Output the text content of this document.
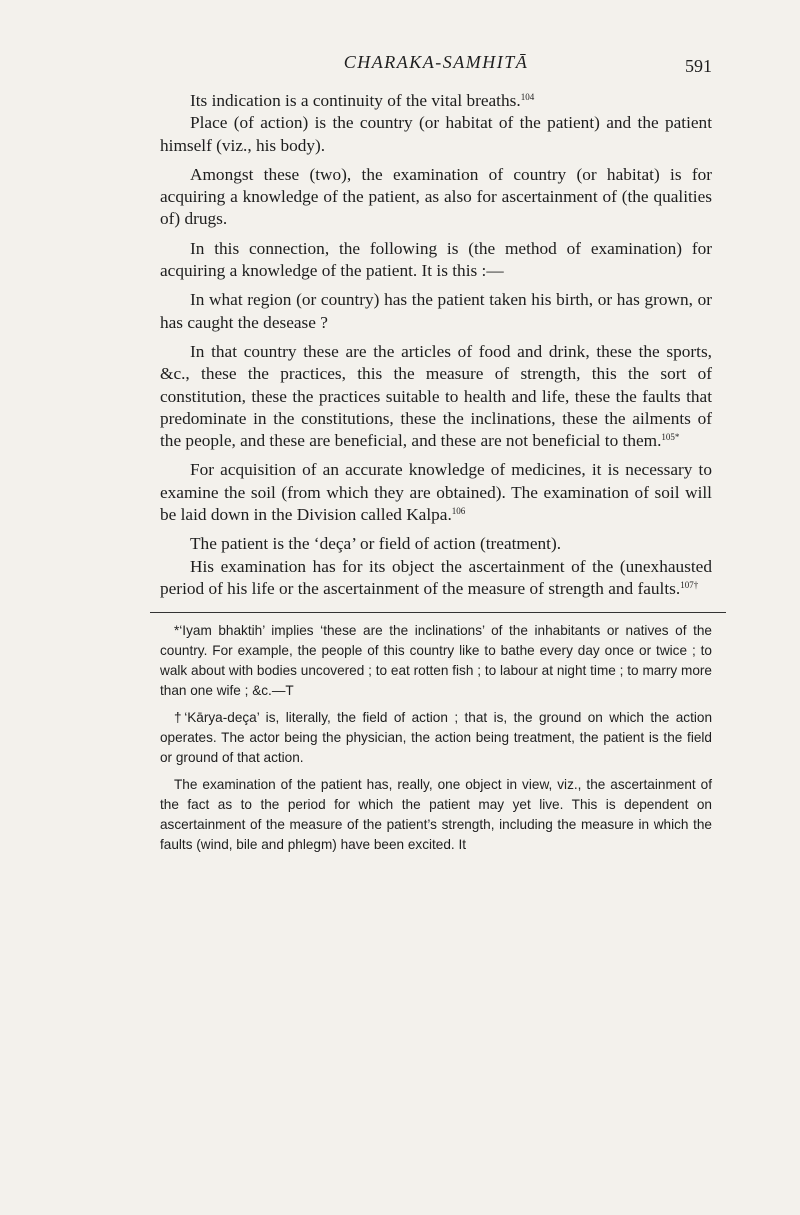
CHARAKA-SAMHITĀ	591

Its indication is a continuity of the vital breaths.$^{104}$

Place (of action) is the country (or habitat of the patient) and the patient himself (viz., his body).

Amongst these (two), the examination of country (or habitat) is for acquiring a knowledge of the patient, as also for ascertainment of (the qualities of) drugs.

In this connection, the following is (the method of examination) for acquiring a knowledge of the patient. It is this :—

In what region (or country) has the patient taken his birth, or has grown, or has caught the desease ?

In that country these are the articles of food and drink, these the sports, &c., these the practices, this the measure of strength, this the sort of constitution, these the practices suitable to health and life, these the faults that predominate in the constitutions, these the inclinations, these the ailments of the people, and these are beneficial, and these are not beneficial to them.$^{105*}$

For acquisition of an accurate knowledge of medicines, it is necessary to examine the soil (from which they are obtained). The examination of soil will be laid down in the Division called Kalpa.$^{106}$

The patient is the ‘deça’ or field of action (treatment).

His examination has for its object the ascertainment of the (unexhausted period of his life or the ascertainment of the measure of strength and faults.$^{107\dagger}$

*‘Iyam bhaktih’ implies ‘these are the inclinations’ of the inhabitants or natives of the country. For example, the people of this country like to bathe every day once or twice ; to walk about with bodies uncovered ; to eat rotten fish ; to labour at night time ; to marry more than one wife ; &c.—T

†‘Kārya-deça’ is, literally, the field of action ; that is, the ground on which the action operates. The actor being the physician, the action being treatment, the patient is the field or ground of that action.

The examination of the patient has, really, one object in view, viz., the ascertainment of the fact as to the period for which the patient may yet live. This is dependent on ascertainment of the measure of the patient’s strength, including the measure in which the faults (wind, bile and phlegm) have been excited. It
